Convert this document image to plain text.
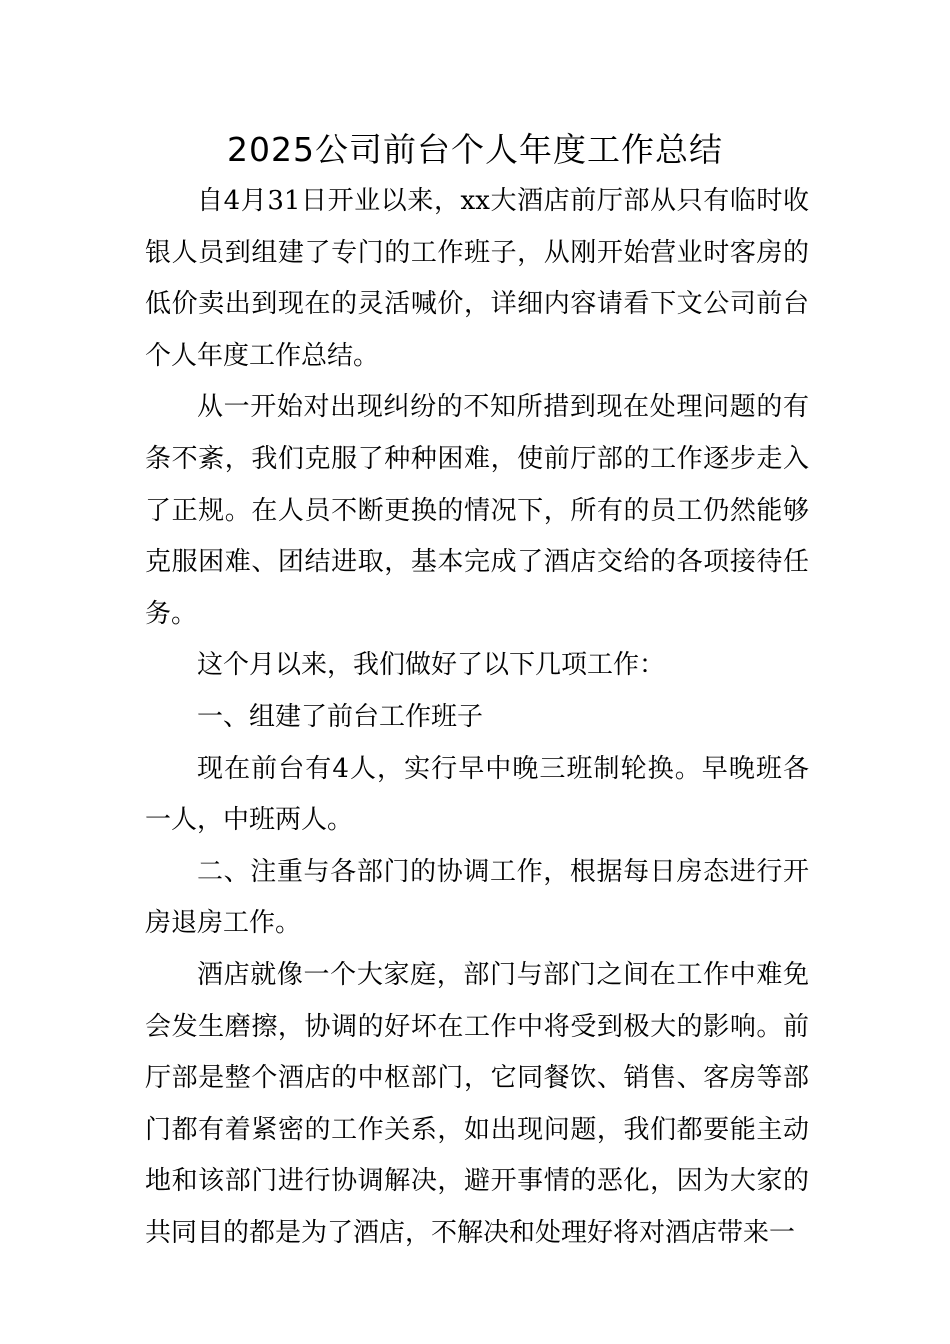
2025公司前台个人年度工作总结

自4月31日开业以来，xx大酒店前厅部从只有临时收银人员到组建了专门的工作班子，从刚开始营业时客房的低价卖出到现在的灵活喊价，详细内容请看下文公司前台个人年度工作总结。

从一开始对出现纠纷的不知所措到现在处理问题的有条不紊，我们克服了种种困难，使前厅部的工作逐步走入了正规。在人员不断更换的情况下，所有的员工仍然能够克服困难、团结进取，基本完成了酒店交给的各项接待任务。

这个月以来，我们做好了以下几项工作：

一、组建了前台工作班子

现在前台有4人，实行早中晚三班制轮换。早晚班各一人，中班两人。

二、注重与各部门的协调工作，根据每日房态进行开房退房工作。

酒店就像一个大家庭，部门与部门之间在工作中难免会发生磨擦，协调的好坏在工作中将受到极大的影响。前厅部是整个酒店的中枢部门，它同餐饮、销售、客房等部门都有着紧密的工作关系，如出现问题，我们都要能主动地和该部门进行协调解决，避开事情的恶化，因为大家的共同目的都是为了酒店，不解决和处理好将对酒店带来一
